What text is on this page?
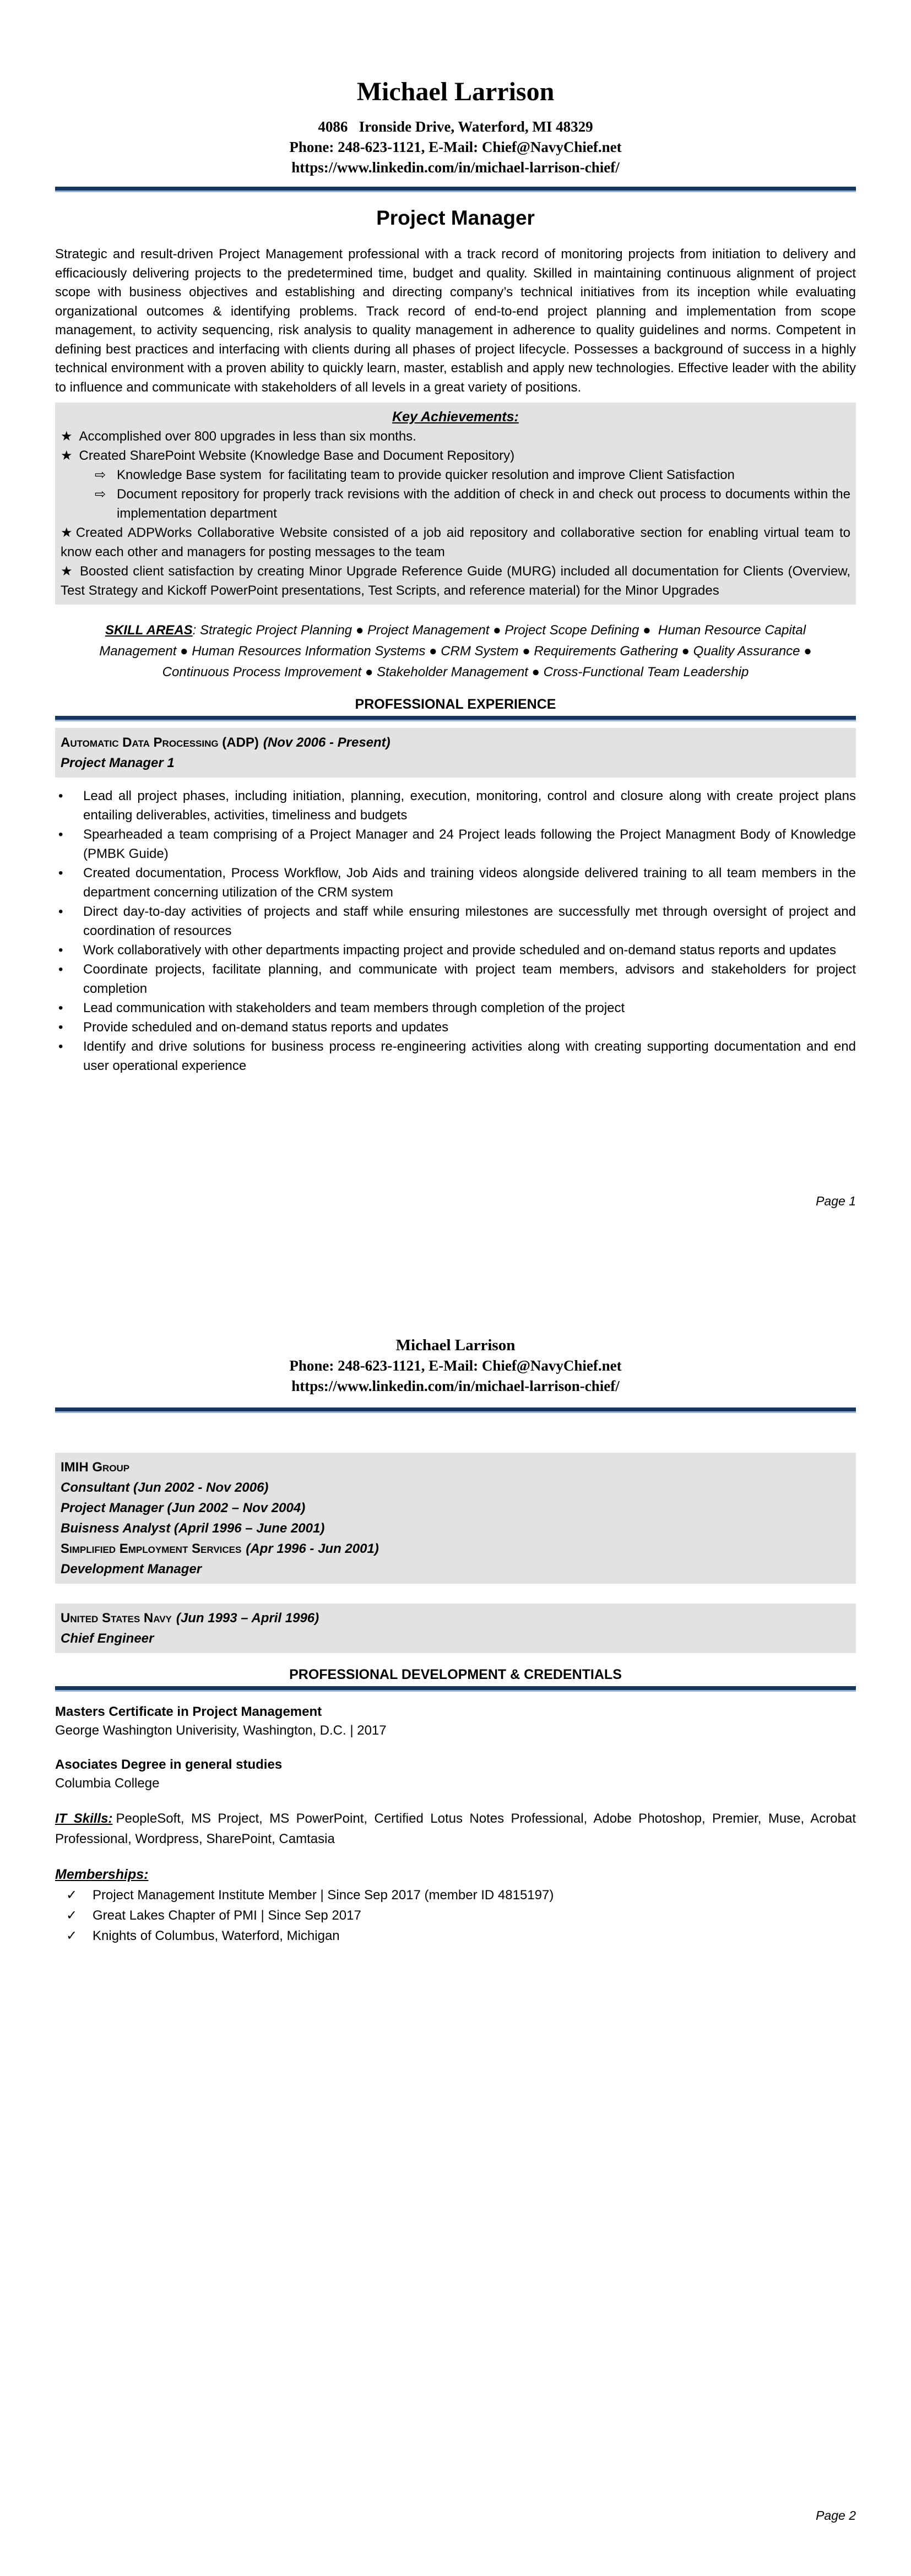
Michael Larrison
4086   Ironside Drive, Waterford, MI 48329
Phone: 248-623-1121, E-Mail: Chief@NavyChief.net
https://www.linkedin.com/in/michael-larrison-chief/
Project Manager

Strategic and result-driven Project Management professional with a track record of monitoring projects from initiation to delivery and efficaciously delivering projects to the predetermined time, budget and quality. Skilled in maintaining continuous alignment of project scope with business objectives and establishing and directing company’s technical initiatives from its inception while evaluating organizational outcomes & identifying problems. Track record of end-to-end project planning and implementation from scope management, to activity sequencing, risk analysis to quality management in adherence to quality guidelines and norms. Competent in defining best practices and interfacing with clients during all phases of project lifecycle. Possesses a background of success in a highly technical environment with a proven ability to quickly learn, master, establish and apply new technologies. Effective leader with the ability to influence and communicate with stakeholders of all levels in a great variety of positions.

Key Achievements:

★ Accomplished over 800 upgrades in less than six months.

★ Created SharePoint Website (Knowledge Base and Document Repository)

⇨ Knowledge Base system  for facilitating team to provide quicker resolution and improve Client Satisfaction
⇨ Document repository for properly track revisions with the addition of check in and check out process to documents within the implementation department

★ Created ADPWorks Collaborative Website consisted of a job aid repository and collaborative section for enabling virtual team to know each other and managers for posting messages to the team

★ Boosted client satisfaction by creating Minor Upgrade Reference Guide (MURG) included all documentation for Clients (Overview, Test Strategy and Kickoff PowerPoint presentations, Test Scripts, and reference material) for the Minor Upgrades

SKILL AREAS: Strategic Project Planning ● Project Management ● Project Scope Defining ●  Human Resource Capital Management ● Human Resources Information Systems ● CRM System ● Requirements Gathering ● Quality Assurance ● Continuous Process Improvement ● Stakeholder Management ● Cross-Functional Team Leadership

PROFESSIONAL EXPERIENCE
Automatic Data Processing (ADP) (Nov 2006 - Present)
Project Manager 1
•	Lead all project phases, including initiation, planning, execution, monitoring, control and closure along with create project plans entailing deliverables, activities, timeliness and budgets
•	Spearheaded a team comprising of a Project Manager and 24 Project leads following the Project Managment Body of Knowledge (PMBK Guide)
•	Created documentation, Process Workflow, Job Aids and training videos alongside delivered training to all team members in the department concerning utilization of the CRM system
•	Direct day-to-day activities of projects and staff while ensuring milestones are successfully met through oversight of project and coordination of resources
•	Work collaboratively with other departments impacting project and provide scheduled and on-demand status reports and updates
•	Coordinate projects, facilitate planning, and communicate with project team members, advisors and stakeholders for project completion
•	Lead communication with stakeholders and team members through completion of the project
•	Provide scheduled and on-demand status reports and updates
•	Identify and drive solutions for business process re-engineering activities along with creating supporting documentation and end user operational experience
Page 1
Michael Larrison
Phone: 248-623-1121, E-Mail: Chief@NavyChief.net
https://www.linkedin.com/in/michael-larrison-chief/
IMIH Group
Consultant (Jun 2002 - Nov 2006)
Project Manager (Jun 2002 – Nov 2004)
Buisness Analyst (April 1996 – June 2001)
Simplified Employment Services (Apr 1996 - Jun 2001)
Development Manager
United States Navy (Jun 1993 – April 1996)
Chief Engineer
PROFESSIONAL DEVELOPMENT & CREDENTIALS

Masters Certificate in Project Management

George Washington Univerisity, Washington, D.C. | 2017

Asociates Degree in general studies

Columbia College

IT Skills: PeopleSoft, MS Project, MS PowerPoint, Certified Lotus Notes Professional, Adobe Photoshop, Premier, Muse, Acrobat Professional, Wordpress, SharePoint, Camtasia

Memberships:
✓	Project Management Institute Member | Since Sep 2017 (member ID 4815197)
✓	Great Lakes Chapter of PMI | Since Sep 2017
✓	Knights of Columbus, Waterford, Michigan
Page 2
